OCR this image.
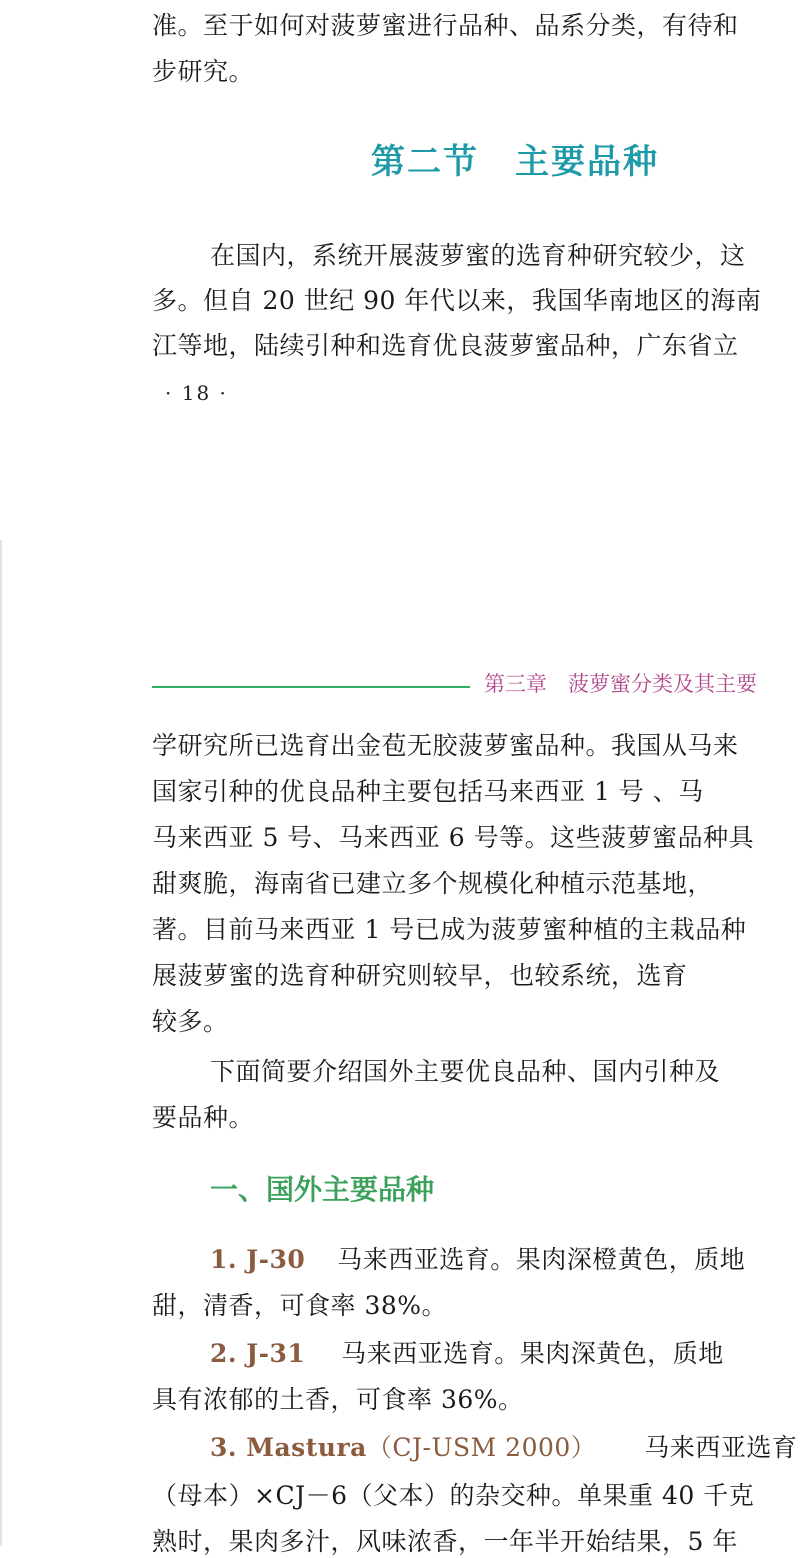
准。至于如何对菠萝蜜进行品种、品系分类，有待和
步研究。
第二节　主要品种
在国内，系统开展菠萝蜜的选育种研究较少，这
多。但自 20 世纪 90 年代以来，我国华南地区的海南
江等地，陆续引种和选育优良菠萝蜜品种，广东省立
· 18 ·
第三章　菠萝蜜分类及其主要
学研究所已选育出金苞无胶菠萝蜜品种。我国从马来
国家引种的优良品种主要包括马来西亚 1 号 、马
马来西亚 5 号、马来西亚 6 号等。这些菠萝蜜品种具
甜爽脆，海南省已建立多个规模化种植示范基地，
著。目前马来西亚 1 号已成为菠萝蜜种植的主栽品种
展菠萝蜜的选育种研究则较早，也较系统，选育
较多。
下面简要介绍国外主要优良品种、国内引种及
要品种。
一、国外主要品种
1. J-30 马来西亚选育。果肉深橙黄色，质地
甜，清香，可食率 38%。
2. J-31 马来西亚选育。果肉深黄色，质地
具有浓郁的土香，可食率 36%。
3. Mastura（CJ-USM 2000） 马来西亚选育
（母本）×CJ－6（父本）的杂交种。单果重 40 千克
熟时，果肉多汁，风味浓香，一年半开始结果，5 年
